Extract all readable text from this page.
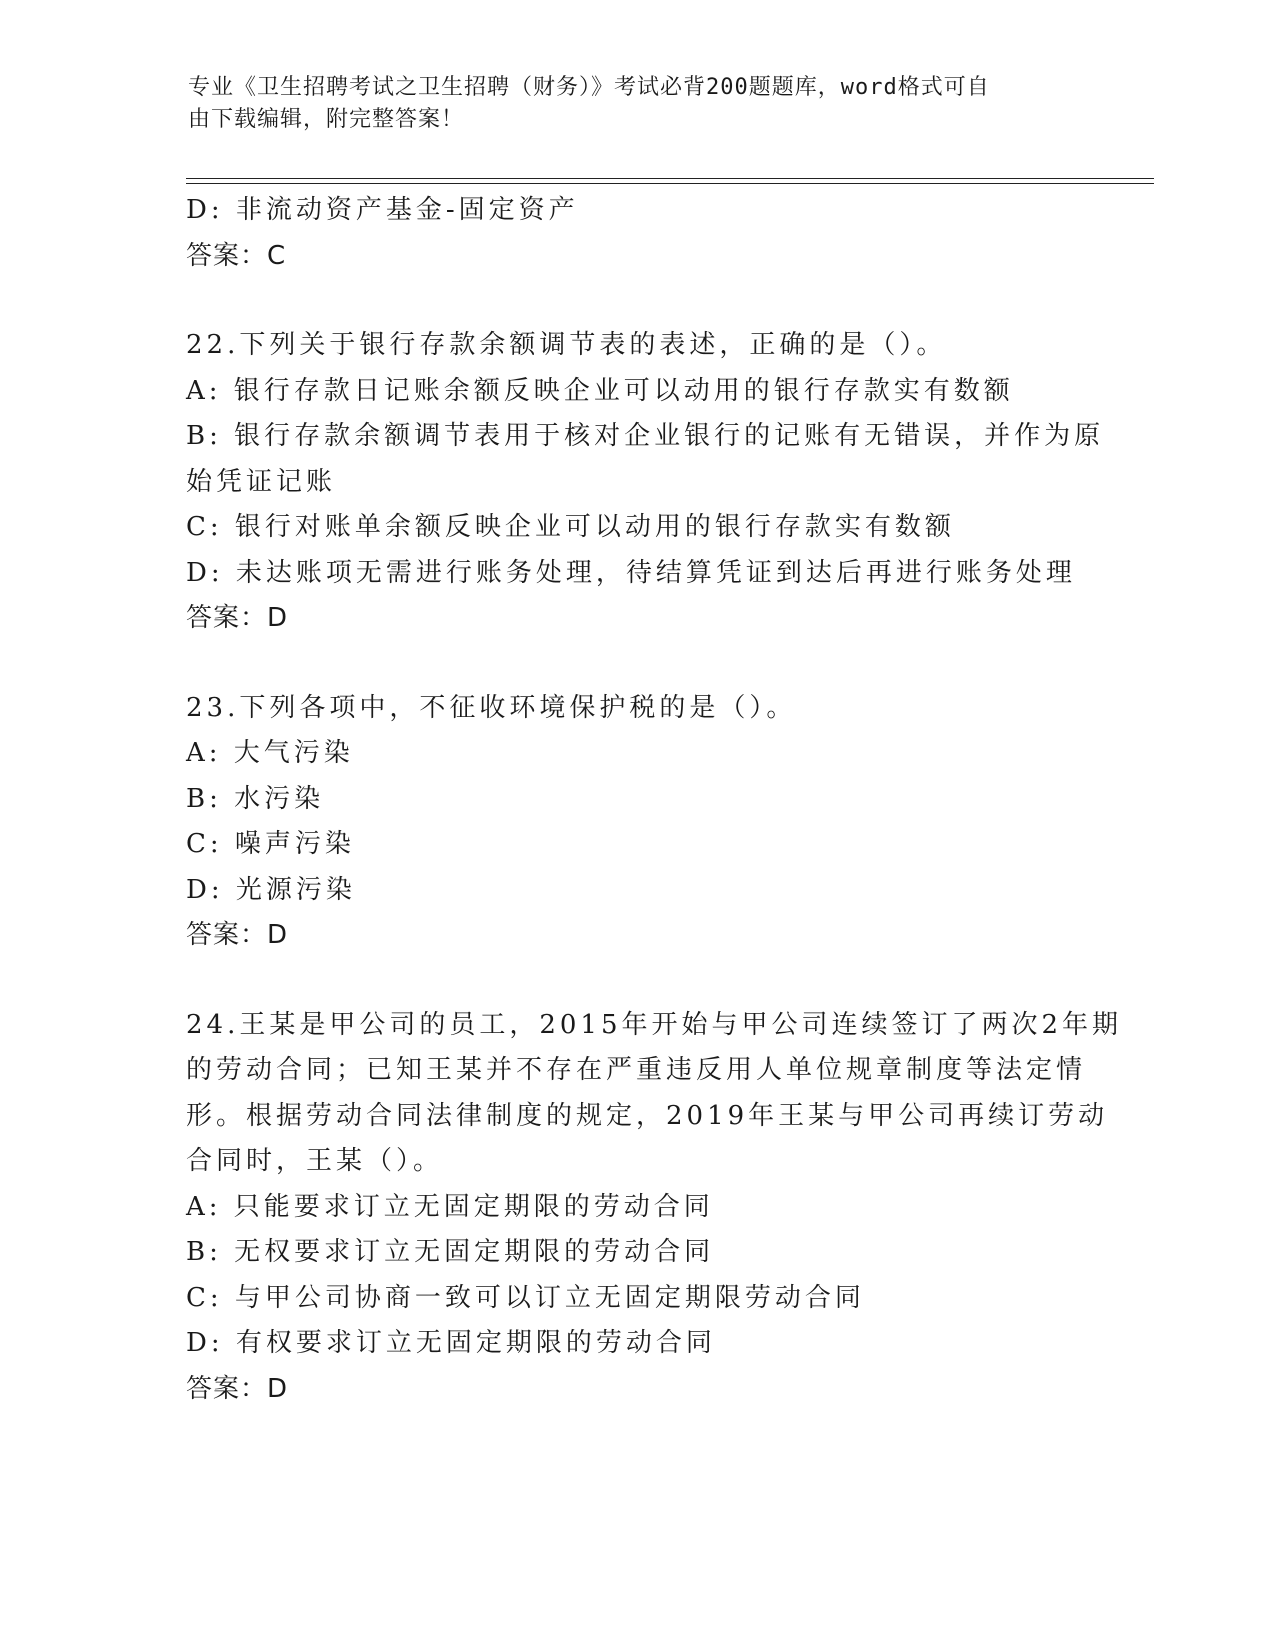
专业《卫生招聘考试之卫生招聘（财务）》考试必背200题题库，word格式可自
由下载编辑，附完整答案！

D: 非流动资产基金-固定资产

答案：C

22.下列关于银行存款余额调节表的表述，正确的是（）。

A: 银行存款日记账余额反映企业可以动用的银行存款实有数额

B: 银行存款余额调节表用于核对企业银行的记账有无错误，并作为原

始凭证记账

C: 银行对账单余额反映企业可以动用的银行存款实有数额

D: 未达账项无需进行账务处理，待结算凭证到达后再进行账务处理

答案：D

23.下列各项中，不征收环境保护税的是（）。

A: 大气污染

B: 水污染

C: 噪声污染

D: 光源污染

答案：D

24.王某是甲公司的员工，2015年开始与甲公司连续签订了两次2年期

的劳动合同；已知王某并不存在严重违反用人单位规章制度等法定情

形。根据劳动合同法律制度的规定，2019年王某与甲公司再续订劳动

合同时，王某（）。

A: 只能要求订立无固定期限的劳动合同

B: 无权要求订立无固定期限的劳动合同

C: 与甲公司协商一致可以订立无固定期限劳动合同

D: 有权要求订立无固定期限的劳动合同

答案：D
